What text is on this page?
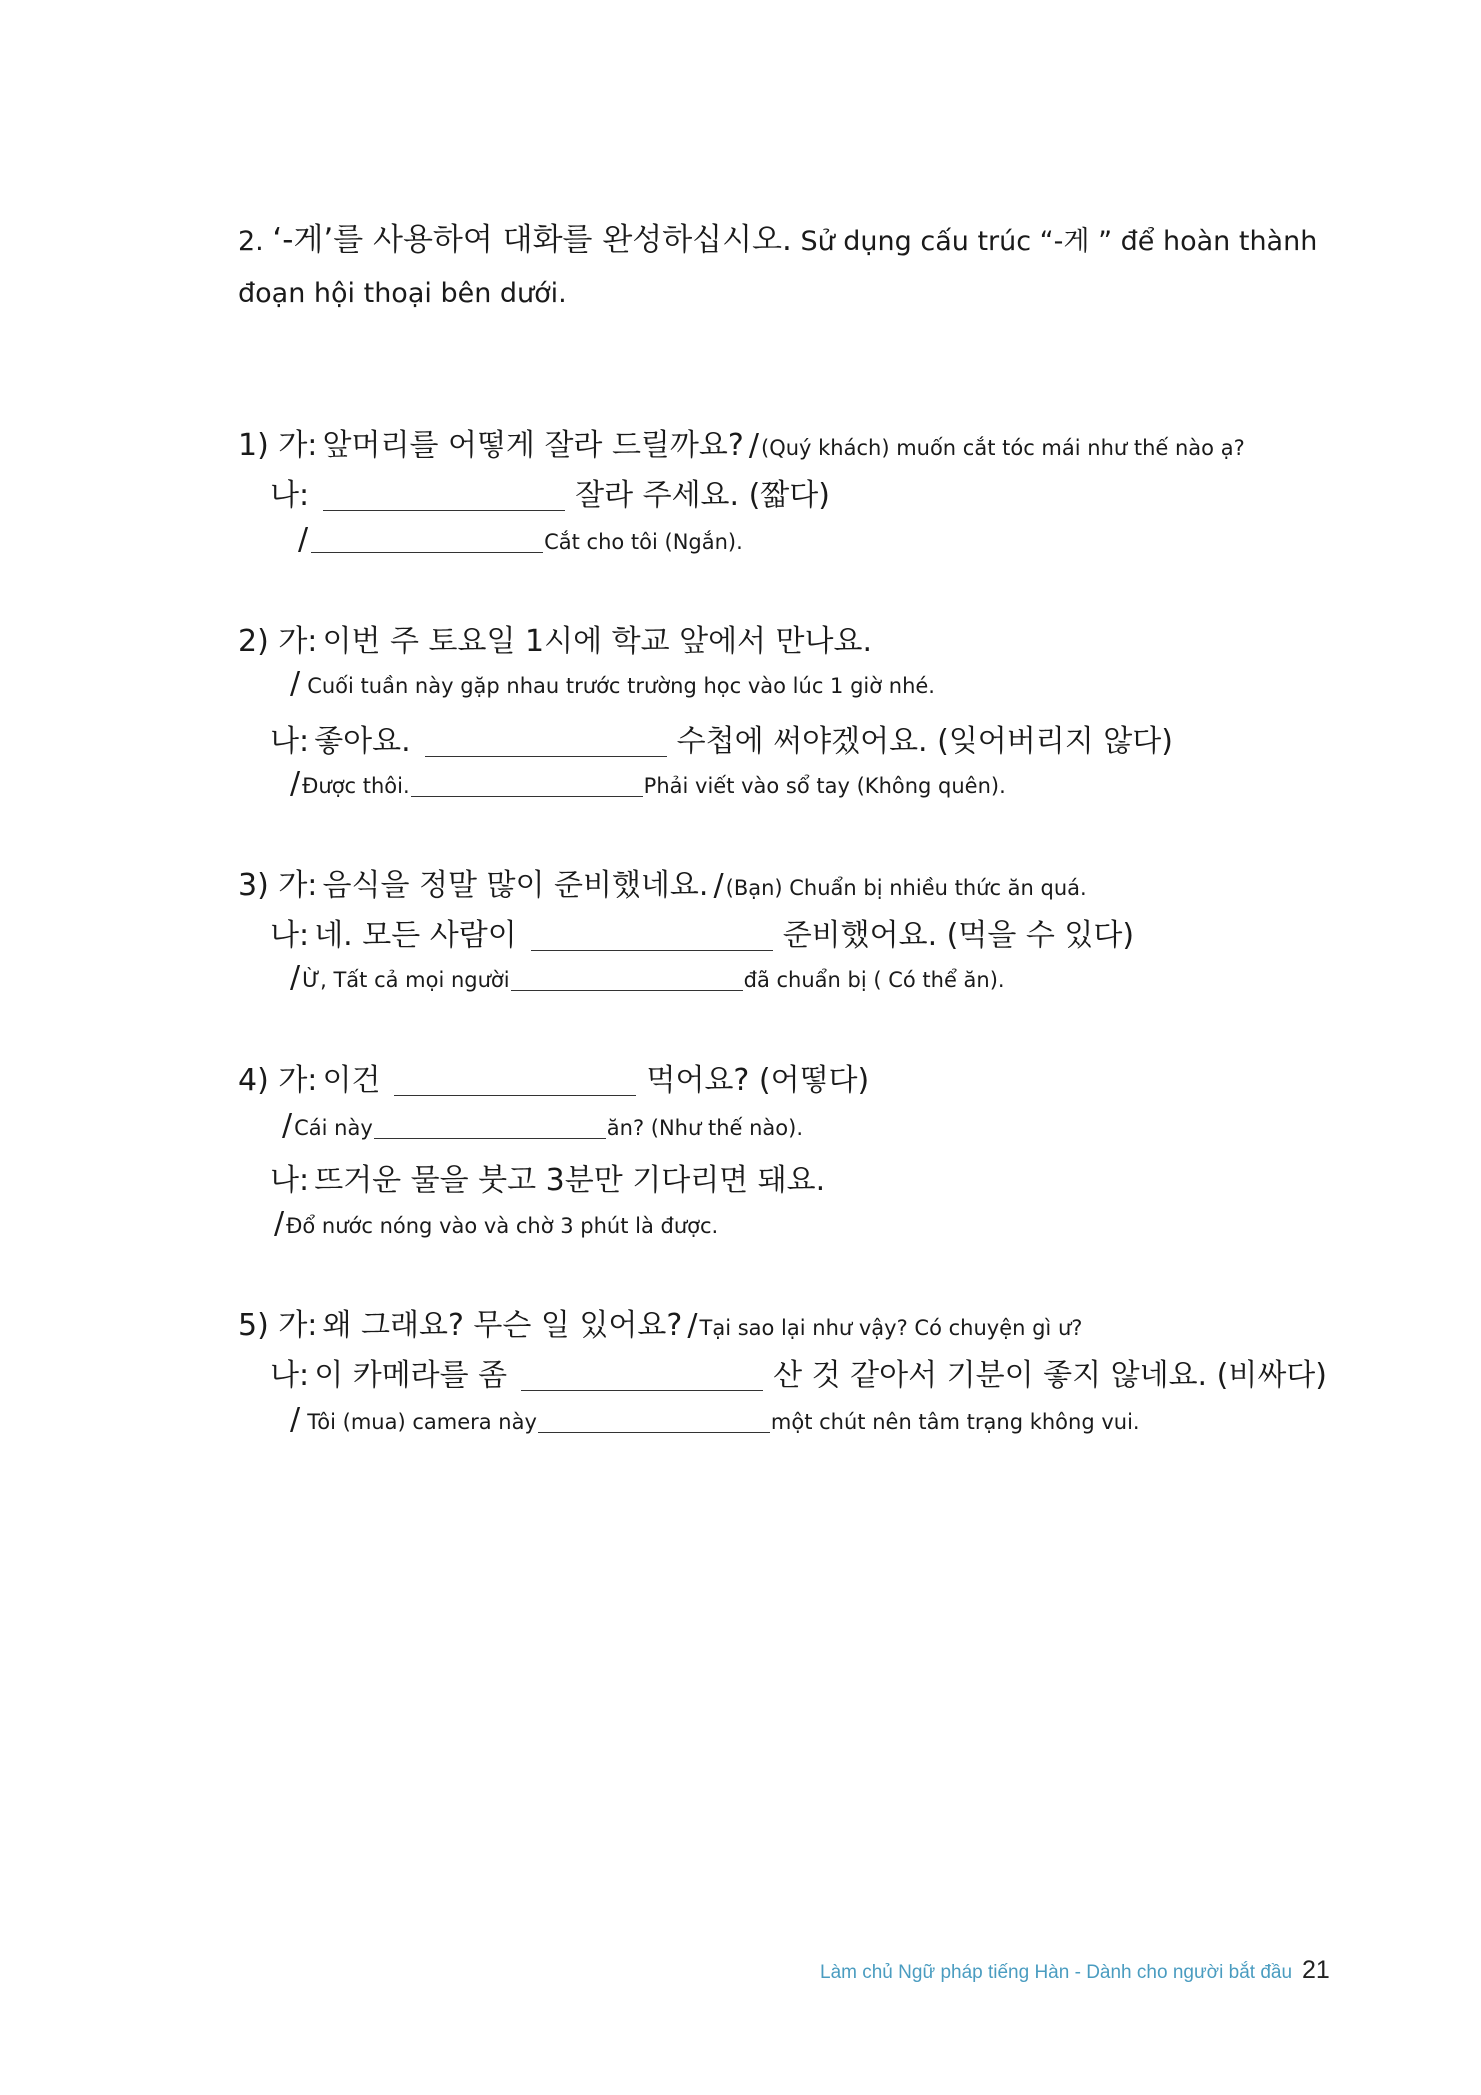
2. ‘-게’를 사용하여 대화를 완성하십시오. Sử dụng cấu trúc “-게 ” để hoàn thành đoạn hội thoại bên dưới.
1) 가: 앞머리를 어떻게 잘라 드릴까요? /(Quý khách) muốn cắt tóc mái như thế nào ạ?
나:	잘라 주세요. (짧다)
/	Cắt cho tôi (Ngắn).
2) 가: 이번 주 토요일 1시에 학교 앞에서 만나요.
/ Cuối tuần này gặp nhau trước trường học vào lúc 1 giờ nhé.
나: 좋아요.	수첩에 써야겠어요. (잊어버리지 않다)
/Được thôi.	Phải viết vào sổ tay (Không quên).
3) 가: 음식을 정말 많이 준비했네요. /(Bạn) Chuẩn bị nhiều thức ăn quá.
나: 네. 모든 사람이	준비했어요. (먹을 수 있다)
/Ừ, Tất cả mọi người	đã chuẩn bị ( Có thể ăn).
4) 가: 이건	먹어요? (어떻다)
/Cái này	ăn? (Như thế nào).
나: 뜨거운 물을 붓고 3분만 기다리면 돼요.
/Đổ nước nóng vào và chờ 3 phút là được.
5) 가: 왜 그래요? 무슨 일 있어요? /Tại sao lại như vậy? Có chuyện gì ư?
나: 이 카메라를 좀	산 것 같아서 기분이 좋지 않네요. (비싸다)
/ Tôi (mua) camera này	một chút nên tâm trạng không vui.
Làm chủ Ngữ pháp tiếng Hàn - Dành cho người bắt đầu 21
